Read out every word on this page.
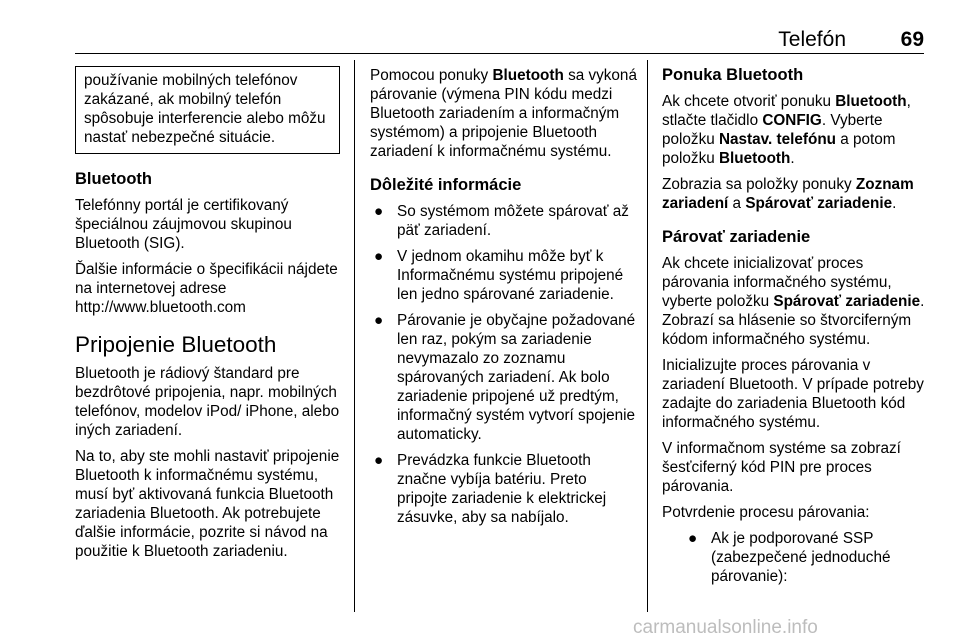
Telefón	69

používanie mobilných telefónov zakázané, ak mobilný telefón spôsobuje interferencie alebo môžu nastať nebezpečné situácie.

Bluetooth

Telefónny portál je certifikovaný špeciálnou záujmovou skupinou Bluetooth (SIG).

Ďalšie informácie o špecifikácii nájdete na internetovej adrese http://www.bluetooth.com

Pripojenie Bluetooth

Bluetooth je rádiový štandard pre bezdrôtové pripojenia, napr. mobilných telefónov, modelov iPod/ iPhone, alebo iných zariadení.

Na to, aby ste mohli nastaviť pripojenie Bluetooth k informačnému systému, musí byť aktivovaná funkcia Bluetooth zariadenia Bluetooth. Ak potrebujete ďalšie informácie, pozrite si návod na použitie k Bluetooth zariadeniu.

Pomocou ponuky Bluetooth sa vykoná párovanie (výmena PIN kódu medzi Bluetooth zariadením a informačným systémom) a pripojenie Bluetooth zariadení k informačnému systému.

Dôležité informácie
● So systémom môžete spárovať až päť zariadení.
● V jednom okamihu môže byť k Informačnému systému pripojené len jedno spárované zariadenie.
● Párovanie je obyčajne požadované len raz, pokým sa zariadenie nevymazalo zo zoznamu spárovaných zariadení. Ak bolo zariadenie pripojené už predtým, informačný systém vytvorí spojenie automaticky.
● Prevádzka funkcie Bluetooth značne vybíja batériu. Preto pripojte zariadenie k elektrickej zásuvke, aby sa nabíjalo.
Ponuka Bluetooth

Ak chcete otvoriť ponuku Bluetooth, stlačte tlačidlo CONFIG. Vyberte položku Nastav. telefónu a potom položku Bluetooth.

Zobrazia sa položky ponuky Zoznam zariadení a Spárovať zariadenie.

Párovať zariadenie

Ak chcete inicializovať proces párovania informačného systému, vyberte položku Spárovať zariadenie. Zobrazí sa hlásenie so štvorciferným kódom informačného systému.

Inicializujte proces párovania v zariadení Bluetooth. V prípade potreby zadajte do zariadenia Bluetooth kód informačného systému.

V informačnom systéme sa zobrazí šesťciferný kód PIN pre proces párovania.

Potvrdenie procesu párovania:

● Ak je podporované SSP (zabezpečené jednoduché párovanie):
carmanualsonline.info
